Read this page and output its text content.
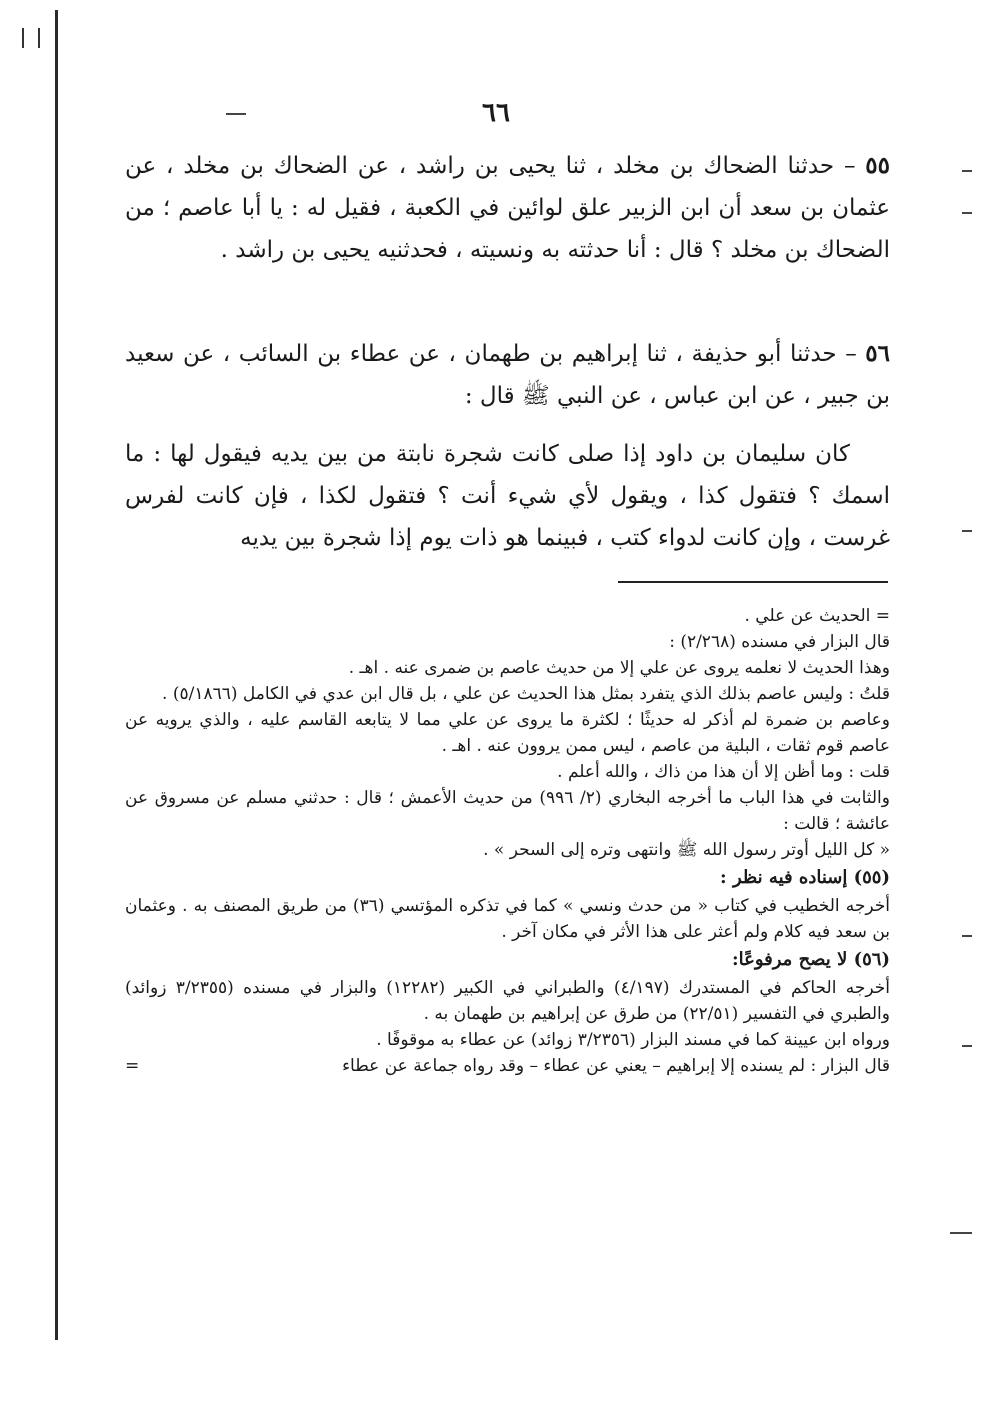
٦٦

٥٥ – حدثنا الضحاك بن مخلد ، ثنا يحيى بن راشد ، عن الضحاك بن مخلد ، عن عثمان بن سعد أن ابن الزبير علق لوائين في الكعبة ، فقيل له : يا أبا عاصم ؛ من الضحاك بن مخلد ؟ قال : أنا حدثته به ونسيته ، فحدثنيه يحيى بن راشد .

٥٦ – حدثنا أبو حذيفة ، ثنا إبراهيم بن طهمان ، عن عطاء بن السائب ، عن سعيد بن جبير ، عن ابن عباس ، عن النبي ﷺ قال :

كان سليمان بن داود إذا صلى كانت شجرة نابتة من بين يديه فيقول لها : ما اسمك ؟ فتقول كذا ، ويقول لأي شيء أنت ؟ فتقول لكذا ، فإن كانت لفرس غرست ، وإن كانت لدواء كتب ، فبينما هو ذات يوم إذا شجرة بين يديه

= الحديث عن علي .

قال البزار في مسنده (٢/٢٦٨) :

وهذا الحديث لا نعلمه يروى عن علي إلا من حديث عاصم بن ضمرى عنه . اهـ .

قلتُ : وليس عاصم بذلك الذي يتفرد بمثل هذا الحديث عن علي ، بل قال ابن عدي في الكامل (٥/١٨٦٦) .

وعاصم بن ضمرة لم أذكر له حديثًا ؛ لكثرة ما يروى عن علي مما لا يتابعه القاسم عليه ، والذي يرويه عن عاصم قوم ثقات ، البلية من عاصم ، ليس ممن يروون عنه . اهـ .

قلت : وما أظن إلا أن هذا من ذاك ، والله أعلم .

والثابت في هذا الباب ما أخرجه البخاري (٢/ ٩٩٦) من حديث الأعمش ؛ قال : حدثني مسلم عن مسروق عن عائشة ؛ قالت :

« كل الليل أوتر رسول الله ﷺ وانتهى وتره إلى السحر » .

(٥٥) إسناده فيه نظر :

أخرجه الخطيب في كتاب « من حدث ونسي » كما في تذكره المؤتسي (٣٦) من طريق المصنف به . وعثمان بن سعد فيه كلام ولم أعثر على هذا الأثر في مكان آخر .

(٥٦) لا يصح مرفوعًا:

أخرجه الحاكم في المستدرك (٤/١٩٧) والطبراني في الكبير (١٢٢٨٢) والبزار في مسنده (٣/٢٣٥٥ زوائد) والطبري في التفسير (٢٢/٥١) من طرق عن إبراهيم بن طهمان به .

ورواه ابن عيينة كما في مسند البزار (٣/٢٣٥٦ زوائد) عن عطاء به موقوفًا .

قال البزار : لم يسنده إلا إبراهيم – يعني عن عطاء – وقد رواه جماعة عن عطاء
=
